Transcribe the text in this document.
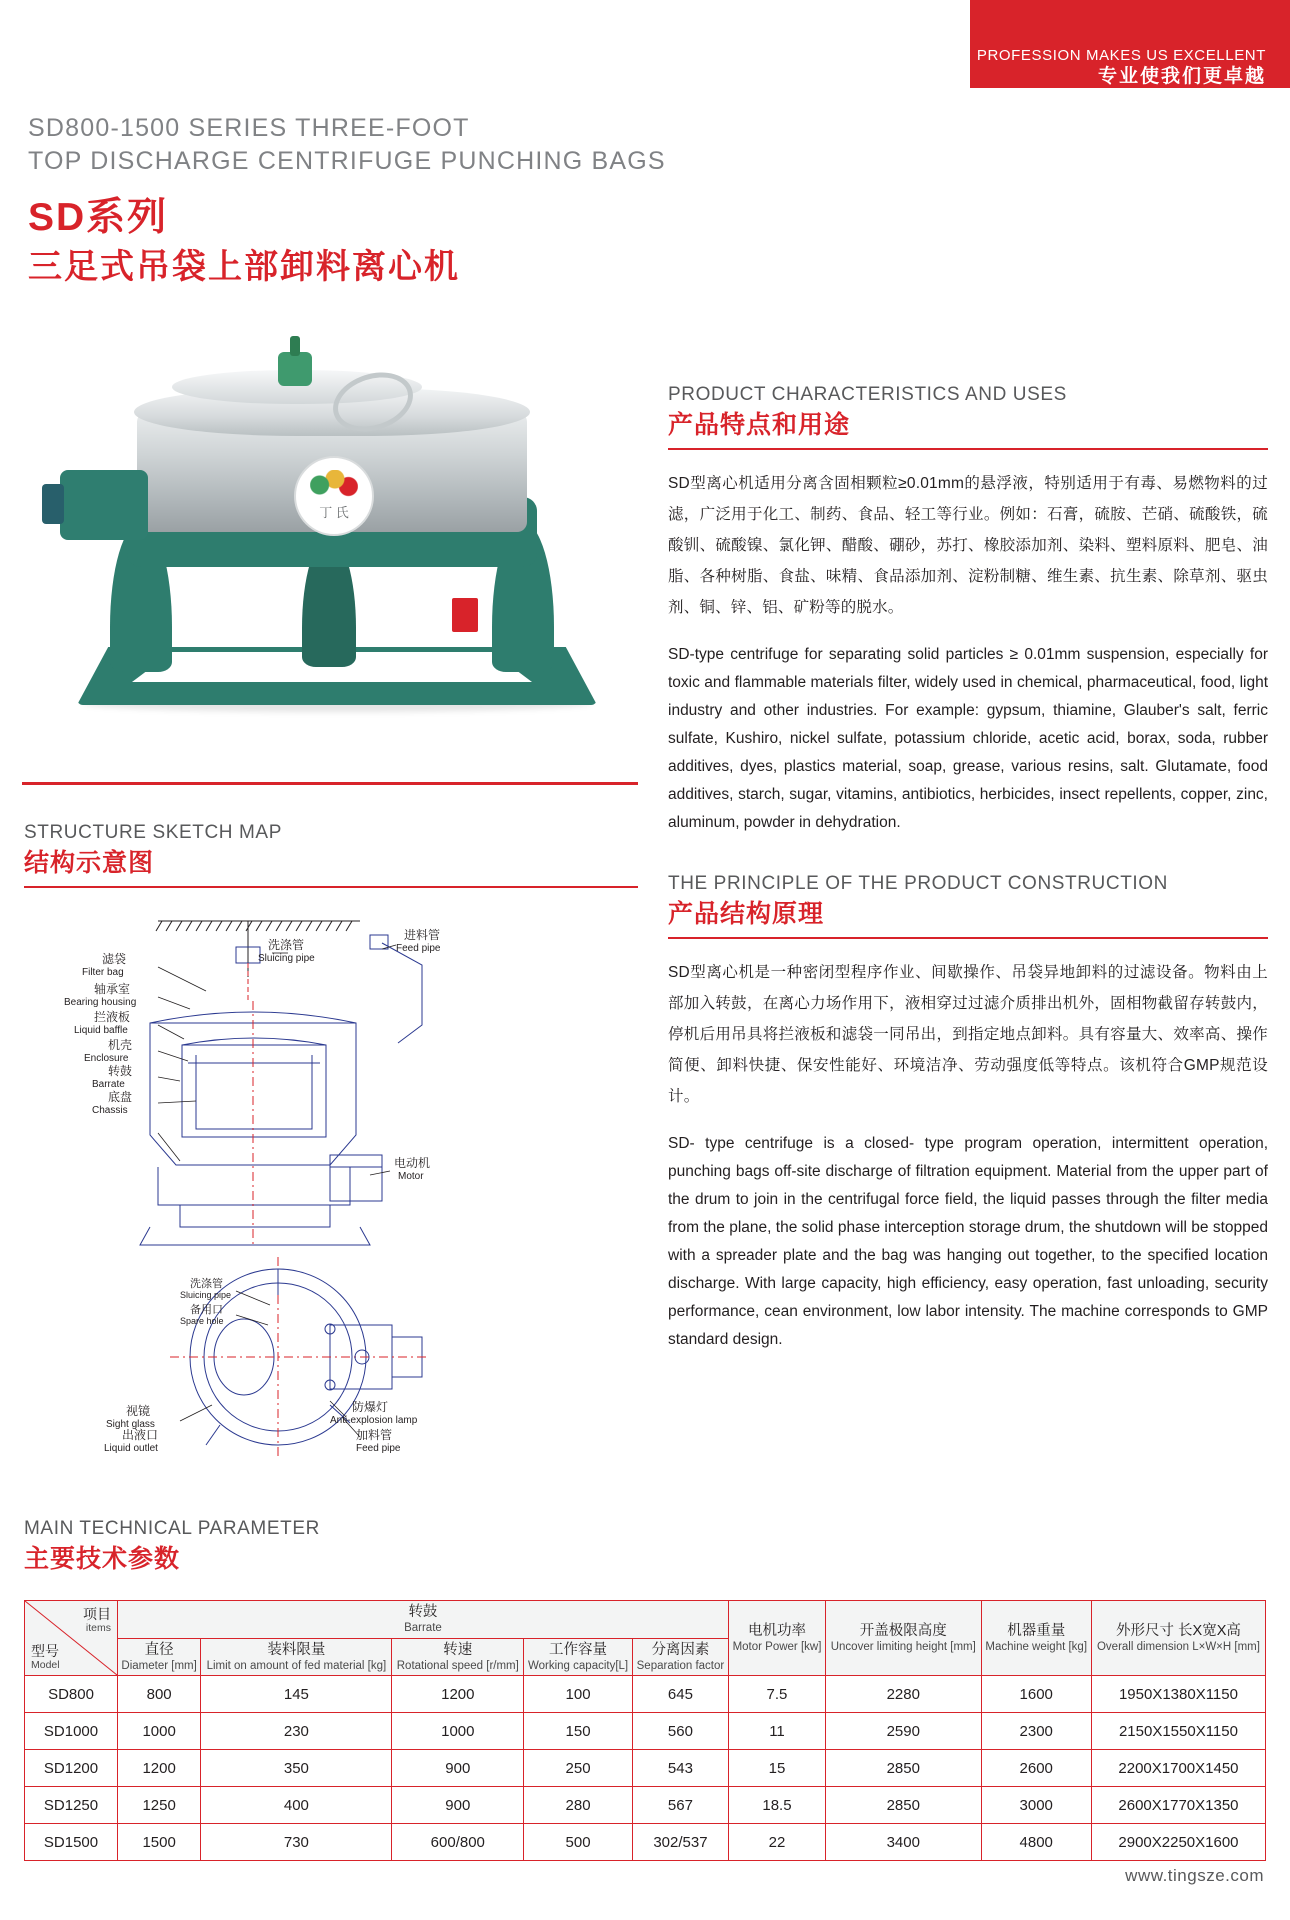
PROFESSION MAKES US EXCELLENT
专业使我们更卓越
SD800-1500 SERIES THREE-FOOT
TOP DISCHARGE CENTRIFUGE PUNCHING BAGS
SD系列
三足式吊袋上部卸料离心机
丁 氏
STRUCTURE SKETCH MAP
结构示意图
滤袋
Filter bag
洗涤管
Sluicing pipe
进料管
Feed pipe
轴承室
Bearing housing
拦液板
Liquid baffle
机壳
Enclosure
转鼓
Barrate
底盘
Chassis
电动机
Motor
洗涤管
Sluicing pipe
备用口
Spare hole
视镜
Sight glass
出液口
Liquid outlet
防爆灯
Anti-explosion lamp
加料管
Feed pipe
PRODUCT CHARACTERISTICS AND USES
产品特点和用途

SD型离心机适用分离含固相颗粒≥0.01mm的悬浮液，特别适用于有毒、易燃物料的过滤，广泛用于化工、制药、食品、轻工等行业。例如：石膏，硫胺、芒硝、硫酸铁，硫酸钏、硫酸镍、氯化钾、醋酸、硼砂，苏打、橡胶添加剂、染料、塑料原料、肥皂、油脂、各种树脂、食盐、味精、食品添加剂、淀粉制糖、维生素、抗生素、除草剂、驱虫剂、铜、锌、铝、矿粉等的脱水。

SD-type centrifuge for separating solid particles ≥ 0.01mm suspension, especially for toxic and flammable materials filter, widely used in chemical, pharmaceutical, food, light industry and other industries. For example: gypsum, thiamine, Glauber's salt, ferric sulfate, Kushiro, nickel sulfate, potassium chloride, acetic acid, borax, soda, rubber additives, dyes, plastics material, soap, grease, various resins, salt. Glutamate, food additives, starch, sugar, vitamins, antibiotics, herbicides, insect repellents, copper, zinc, aluminum, powder in dehydration.

THE PRINCIPLE OF THE PRODUCT CONSTRUCTION
产品结构原理

SD型离心机是一种密闭型程序作业、间歇操作、吊袋异地卸料的过滤设备。物料由上部加入转鼓，在离心力场作用下，液相穿过过滤介质排出机外，固相物截留存转鼓内，停机后用吊具将拦液板和滤袋一同吊出，到指定地点卸料。具有容量大、效率高、操作简便、卸料快捷、保安性能好、环境洁净、劳动强度低等特点。该机符合GMP规范设计。

SD- type centrifuge is a closed- type program operation, intermittent operation, punching bags off-site discharge of filtration equipment. Material from the upper part of the drum to join in the centrifugal force field, the liquid passes through the filter media from the plane, the solid phase interception storage drum, the shutdown will be stopped with a spreader plate and the bag was hanging out together, to the specified location discharge. With large capacity, high efficiency, easy operation, fast unloading, security performance, cean environment, low labor intensity. The machine corresponds to GMP standard design.

MAIN TECHNICAL PARAMETER
主要技术参数
项目
items
型号
Model	转鼓
Barrate					电机功率
Motor Power [kw]	开盖极限高度
Uncover limiting height [mm]	机器重量
Machine weight [kg]	外形尺寸 长X宽X高
Overall dimension L×W×H [mm]

	直径
Diameter [mm]	装料限量
Limit on amount of fed material [kg]	转速
Rotational speed [r/mm]	工作容量
Working capacity[L]	分离因素
Separation factor				

SD800	800	145	1200	100	645	7.5	2280	1600	1950X1380X1150
SD1000	1000	230	1000	150	560	11	2590	2300	2150X1550X1150
SD1200	1200	350	900	250	543	15	2850	2600	2200X1700X1450
SD1250	1250	400	900	280	567	18.5	2850	3000	2600X1770X1350
SD1500	1500	730	600/800	500	302/537	22	3400	4800	2900X2250X1600
www.tingsze.com
